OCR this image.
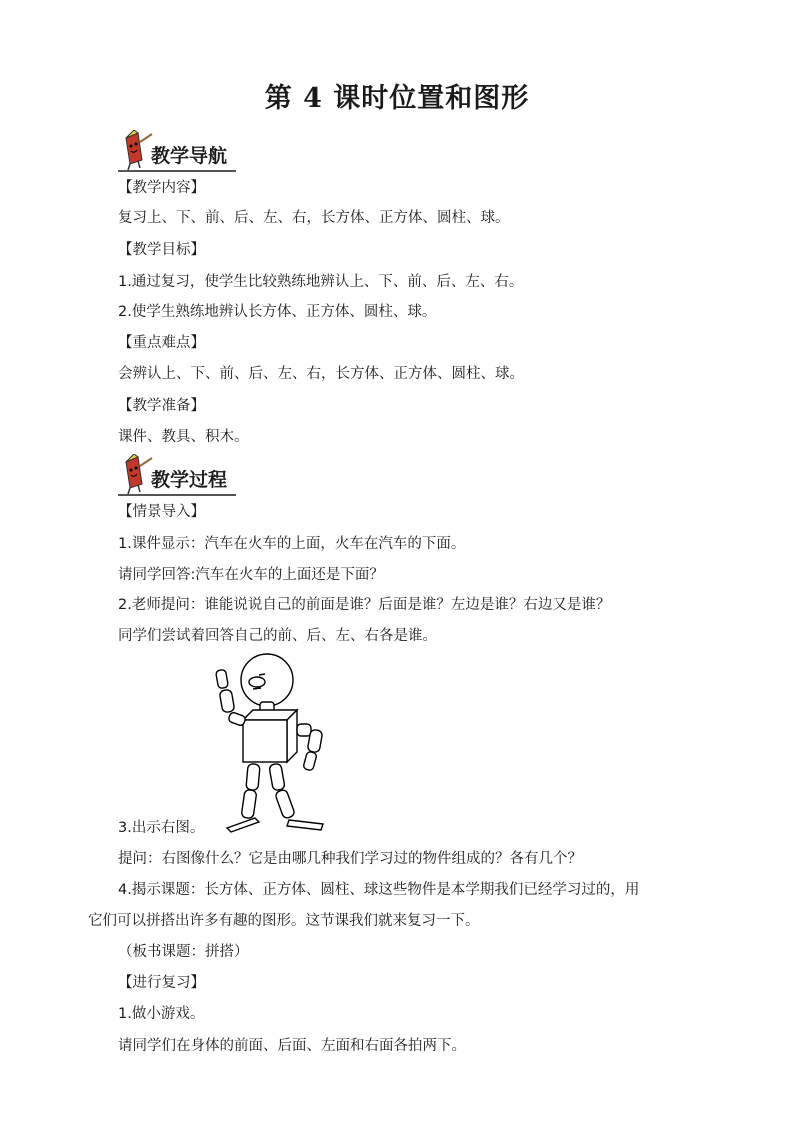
第 4 课时位置和图形
教学导航
【教学内容】
复习上、下、前、后、左、右，长方体、正方体、圆柱、球。
【教学目标】
1.通过复习，使学生比较熟练地辨认上、下、前、后、左、右。
2.使学生熟练地辨认长方体、正方体、圆柱、球。
【重点难点】
会辨认上、下、前、后、左、右，长方体、正方体、圆柱、球。
【教学准备】
课件、教具、积木。
教学过程
【情景导入】
1.课件显示：汽车在火车的上面，火车在汽车的下面。
请同学回答:汽车在火车的上面还是下面？
2.老师提问：谁能说说自己的前面是谁？后面是谁？左边是谁？右边又是谁？
同学们尝试着回答自己的前、后、左、右各是谁。
3.出示右图。
提问：右图像什么？它是由哪几种我们学习过的物件组成的？各有几个？
4.揭示课题：长方体、正方体、圆柱、球这些物件是本学期我们已经学习过的，用
它们可以拼搭出许多有趣的图形。这节课我们就来复习一下。
（板书课题：拼搭）
【进行复习】
1.做小游戏。
请同学们在身体的前面、后面、左面和右面各拍两下。
